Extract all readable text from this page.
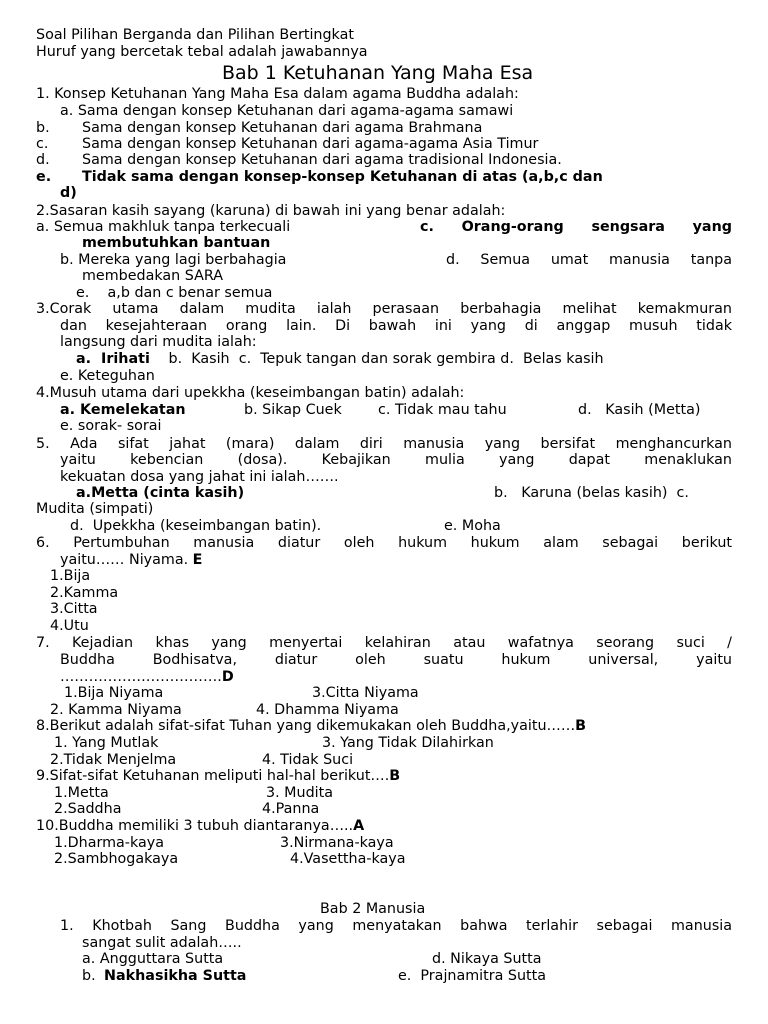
Soal Pilihan Berganda dan Pilihan Bertingkat
Huruf yang bercetak tebal adalah jawabannya
Bab 1 Ketuhanan Yang Maha Esa
1. Konsep Ketuhanan Yang Maha Esa dalam agama Buddha adalah:
a. Sama dengan konsep Ketuhanan dari agama-agama samawi
b. Sama dengan konsep Ketuhanan dari agama Brahmana
c. Sama dengan konsep Ketuhanan dari agama-agama Asia Timur
d. Sama dengan konsep Ketuhanan dari agama tradisional Indonesia.
e. Tidak sama dengan konsep-konsep Ketuhanan di atas (a,b,c dan
d)
2.Sasaran kasih sayang (karuna) di bawah ini yang benar adalah:
a. Semua makhluk tanpa terkecuali	c. Orang-orang sengsara yang
membutuhkan bantuan
b. Mereka yang lagi berbahagia	d. Semua umat manusia tanpa
membedakan SARA
e.    a,b dan c benar semua
3.Corak utama dalam mudita ialah perasaan berbahagia melihat kemakmuran
dan kesejahteraan orang lain. Di bawah ini yang di anggap musuh tidak
langsung dari mudita ialah:
a.  Irihati b.  Kasih  c.  Tepuk tangan dan sorak gembira d.  Belas kasih
e. Keteguhan
4.Musuh utama dari upekkha (keseimbangan batin) adalah:
a. Kemelekatan	b. Sikap Cuek	c. Tidak mau tahu	d.   Kasih (Metta)
e. sorak- sorai
5. Ada sifat jahat (mara) dalam diri manusia yang bersifat menghancurkan
yaitu kebencian (dosa). Kebajikan mulia yang dapat menaklukan
kekuatan dosa yang jahat ini ialah…….
a.Metta (cinta kasih)	b.   Karuna (belas kasih)  c.
Mudita (simpati)
d.  Upekkha (keseimbangan batin).	e. Moha
6. Pertumbuhan manusia diatur oleh hukum hukum alam sebagai berikut
yaitu…… Niyama. E
1.Bija
2.Kamma
3.Citta
4.Utu
7. Kejadian khas yang menyertai kelahiran atau wafatnya seorang suci /
Buddha Bodhisatva, diatur oleh suatu hukum universal, yaitu
…………………………….D
1.Bija Niyama	3.Citta Niyama
2. Kamma Niyama	4. Dhamma Niyama
8.Berikut adalah sifat-sifat Tuhan yang dikemukakan oleh Buddha,yaitu……B
1. Yang Mutlak	3. Yang Tidak Dilahirkan
2.Tidak Menjelma	4. Tidak Suci
9.Sifat-sifat Ketuhanan meliputi hal-hal berikut….B
1.Metta	3. Mudita
2.Saddha	4.Panna
10.Buddha memiliki 3 tubuh diantaranya…..A
1.Dharma-kaya	3.Nirmana-kaya
2.Sambhogakaya	4.Vasettha-kaya
Bab 2 Manusia
1. Khotbah Sang Buddha yang menyatakan bahwa terlahir sebagai manusia
sangat sulit adalah…..
a. Angguttara Sutta	d. Nikaya Sutta
b. Nakhasikha Sutta	e.  Prajnamitra Sutta
